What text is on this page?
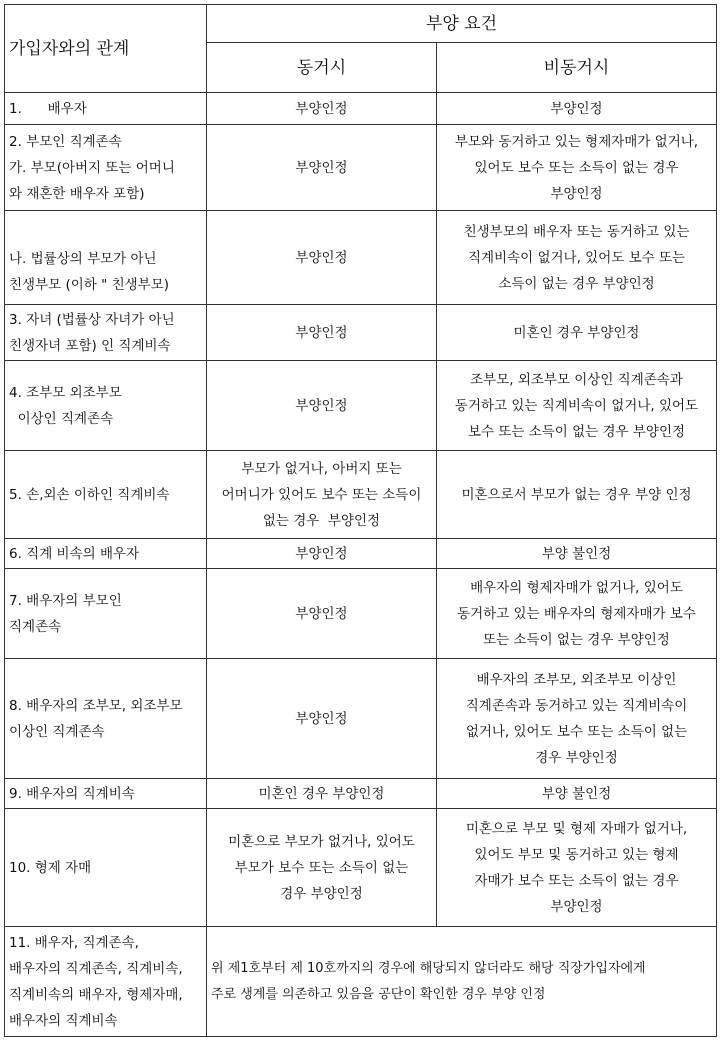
가입자와의 관계	부양 요건	
	동거시	비동거시

1.      배우자	부양인정	부양인정

2. 부모인 직계존속
가. 부모(아버지 또는 어머니
와 재혼한 배우자 포함)	부양인정	부모와 동거하고 있는 형제자매가 없거나,
있어도 보수 또는 소득이 없는 경우
부양인정

나. 법률상의 부모가 아닌
친생부모 (이하 " 친생부모)	부양인정	친생부모의 배우자 또는 동거하고 있는
직계비속이 없거나, 있어도 보수 또는
소득이 없는 경우 부양인정

3. 자녀 (법률상 자녀가 아닌
친생자녀 포함) 인 직계비속	부양인정	미혼인 경우 부양인정

4. 조부모 외조부모
이상인 직계존속	부양인정	조부모, 외조부모 이상인 직계존속과
동거하고 있는 직계비속이 없거나, 있어도
보수 또는 소득이 없는 경우 부양인정

5. 손,외손 이하인 직계비속	부모가 없거나, 아버지 또는
어머니가 있어도 보수 또는 소득이
없는 경우  부양인정	미혼으로서 부모가 없는 경우 부양 인정

6. 직계 비속의 배우자	부양인정	부양 불인정

7. 배우자의 부모인
직계존속	부양인정	배우자의 형제자매가 없거나, 있어도
동거하고 있는 배우자의 형제자매가 보수
또는 소득이 없는 경우 부양인정

8. 배우자의 조부모, 외조부모
이상인 직계존속	부양인정	배우자의 조부모, 외조부모 이상인
직계존속과 동거하고 있는 직계비속이
없거나, 있어도 보수 또는 소득이 없는
경우 부양인정

9. 배우자의 직계비속	미혼인 경우 부양인정	부양 불인정

10. 형제 자매	미혼으로 부모가 없거나, 있어도
부모가 보수 또는 소득이 없는
경우 부양인정	미혼으로 부모 및 형제 자매가 없거나,
있어도 부모 및 동거하고 있는 형제
자매가 보수 또는 소득이 없는 경우
부양인정

11. 배우자, 직계존속,
배우자의 직계존속, 직계비속,
직계비속의 배우자, 형제자매,
배우자의 직계비속	위 제1호부터 제 10호까지의 경우에 해당되지 않더라도 해당 직장가입자에게
주로 생계를 의존하고 있음을 공단이 확인한 경우 부양 인정	
